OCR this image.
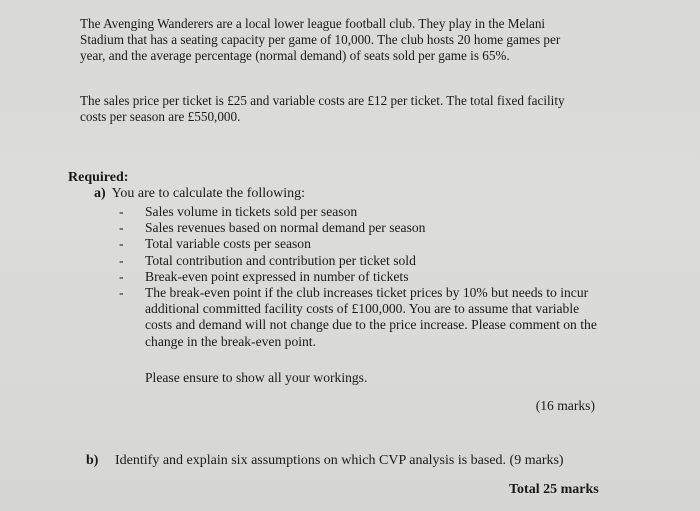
The Avenging Wanderers are a local lower league football club. They play in the Melani Stadium that has a seating capacity per game of 10,000. The club hosts 20 home games per year, and the average percentage (normal demand) of seats sold per game is 65%.

The sales price per ticket is £25 and variable costs are £12 per ticket. The total fixed facility costs per season are £550,000.

Required:

a) You are to calculate the following:

- Sales volume in tickets sold per season
- Sales revenues based on normal demand per season
- Total variable costs per season
- Total contribution and contribution per ticket sold
- Break-even point expressed in number of tickets
- The break-even point if the club increases ticket prices by 10% but needs to incur additional committed facility costs of £100,000. You are to assume that variable costs and demand will not change due to the price increase. Please comment on the change in the break-even point.

Please ensure to show all your workings.

(16 marks)

b)	Identify and explain six assumptions on which CVP analysis is based. (9 marks)

Total 25 marks
